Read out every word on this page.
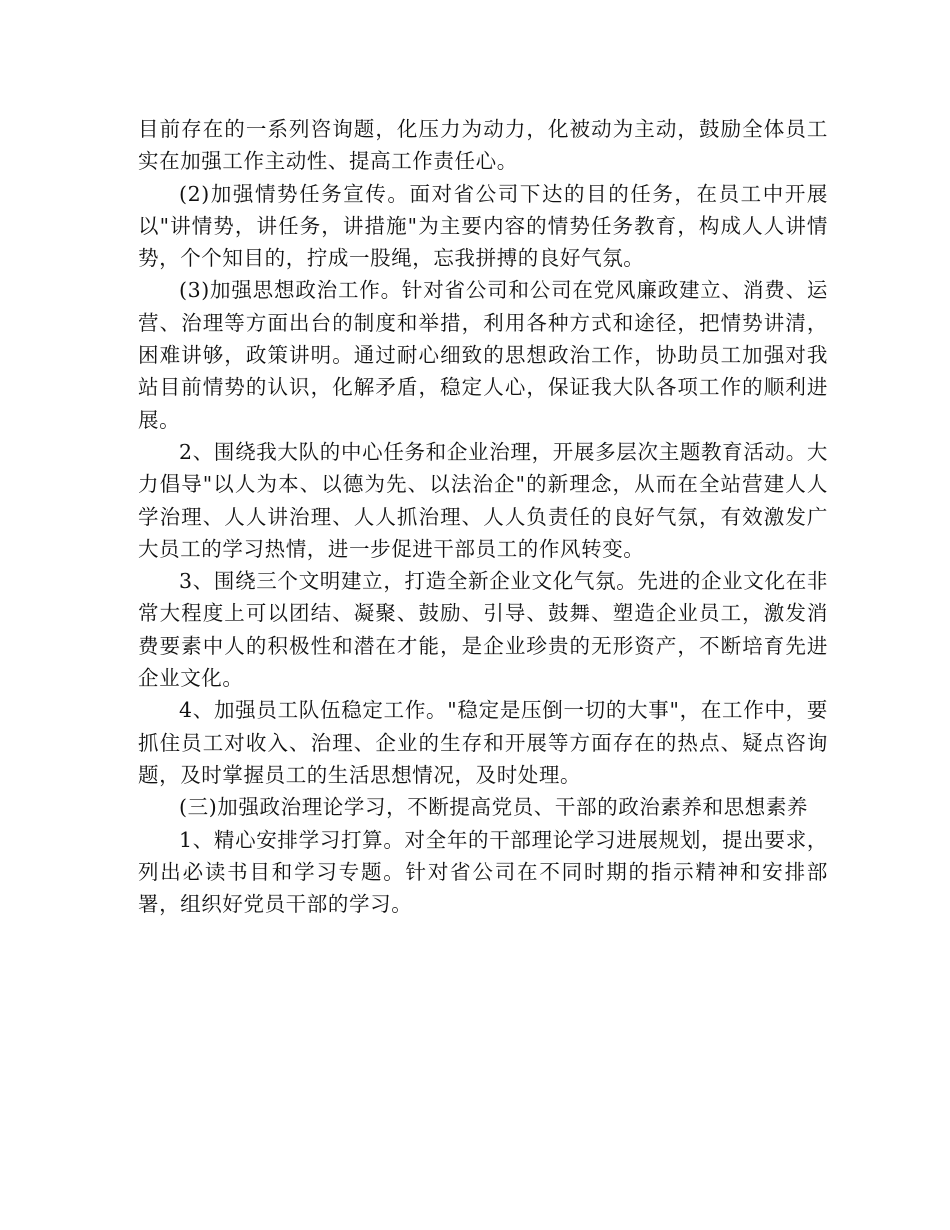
目前存在的一系列咨询题，化压力为动力，化被动为主动，鼓励全体员工实在加强工作主动性、提高工作责任心。

(2)加强情势任务宣传。面对省公司下达的目的任务，在员工中开展以"讲情势，讲任务，讲措施"为主要内容的情势任务教育，构成人人讲情势，个个知目的，拧成一股绳，忘我拼搏的良好气氛。

(3)加强思想政治工作。针对省公司和公司在党风廉政建立、消费、运营、治理等方面出台的制度和举措，利用各种方式和途径，把情势讲清，困难讲够，政策讲明。通过耐心细致的思想政治工作，协助员工加强对我站目前情势的认识，化解矛盾，稳定人心，保证我大队各项工作的顺利进展。

2、围绕我大队的中心任务和企业治理，开展多层次主题教育活动。大力倡导"以人为本、以德为先、以法治企"的新理念，从而在全站营建人人学治理、人人讲治理、人人抓治理、人人负责任的良好气氛，有效激发广大员工的学习热情，进一步促进干部员工的作风转变。

3、围绕三个文明建立，打造全新企业文化气氛。先进的企业文化在非常大程度上可以团结、凝聚、鼓励、引导、鼓舞、塑造企业员工，激发消费要素中人的积极性和潜在才能，是企业珍贵的无形资产，不断培育先进企业文化。

4、加强员工队伍稳定工作。"稳定是压倒一切的大事"，在工作中，要抓住员工对收入、治理、企业的生存和开展等方面存在的热点、疑点咨询题，及时掌握员工的生活思想情况，及时处理。

(三)加强政治理论学习，不断提高党员、干部的政治素养和思想素养

1、精心安排学习打算。对全年的干部理论学习进展规划，提出要求，列出必读书目和学习专题。针对省公司在不同时期的指示精神和安排部署，组织好党员干部的学习。
